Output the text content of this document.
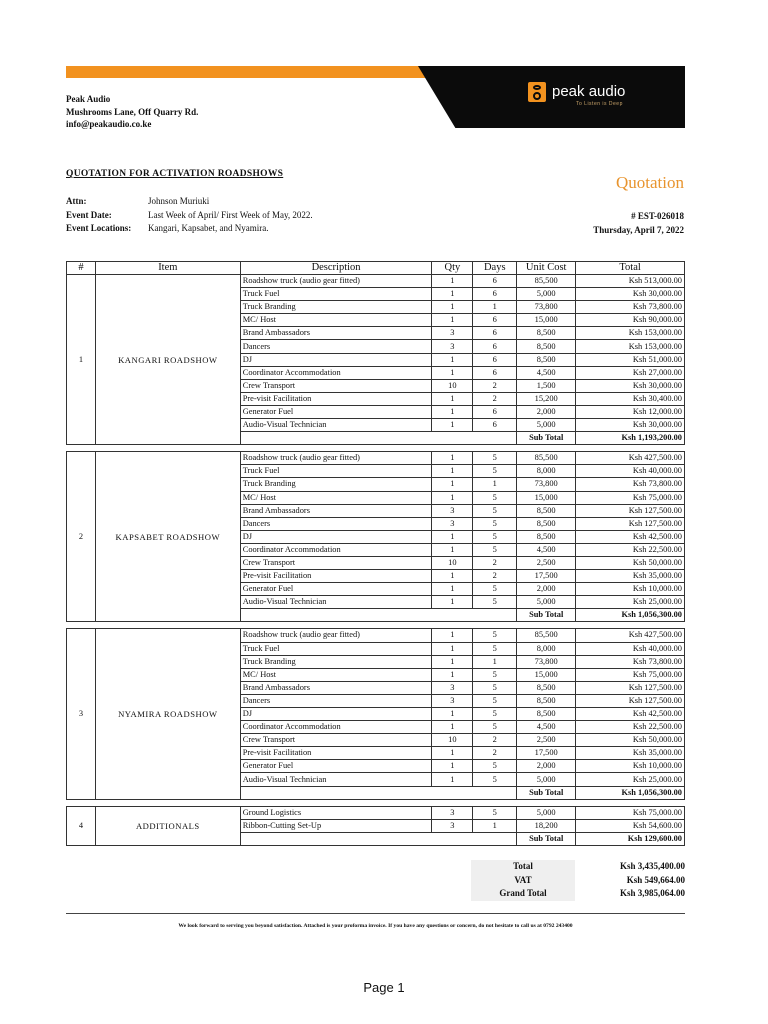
peak audio
To Listen is Deep
Peak Audio
Mushrooms Lane, Off Quarry Rd.
info@peakaudio.co.ke
QUOTATION FOR ACTIVATION ROADSHOWS	Quotation
Attn:	Johnson Muriuki
Event Date:	Last Week of April/ First Week of May, 2022.
Event Locations:	Kangari, Kapsabet, and Nyamira.
# EST-026018
Thursday, April 7, 2022
#	Item	Description	Qty	Days	Unit Cost	Total
1	KANGARI ROADSHOW	Roadshow truck (audio gear fitted)	1	6	85,500	Ksh 513,000.00
		Truck Fuel	1	6	5,000	Ksh 30,000.00
		Truck Branding	1	1	73,800	Ksh 73,800.00
		MC/ Host	1	6	15,000	Ksh 90,000.00
		Brand Ambassadors	3	6	8,500	Ksh 153,000.00
		Dancers	3	6	8,500	Ksh 153,000.00
		DJ	1	6	8,500	Ksh 51,000.00
		Coordinator Accommodation	1	6	4,500	Ksh 27,000.00
		Crew Transport	10	2	1,500	Ksh 30,000.00
		Pre-visit Facilitation	1	2	15,200	Ksh 30,400.00
		Generator Fuel	1	6	2,000	Ksh 12,000.00
		Audio-Visual Technician	1	6	5,000	Ksh 30,000.00
					Sub Total	Ksh 1,193,200.00

2	KAPSABET ROADSHOW	Roadshow truck (audio gear fitted)	1	5	85,500	Ksh 427,500.00
		Truck Fuel	1	5	8,000	Ksh 40,000.00
		Truck Branding	1	1	73,800	Ksh 73,800.00
		MC/ Host	1	5	15,000	Ksh 75,000.00
		Brand Ambassadors	3	5	8,500	Ksh 127,500.00
		Dancers	3	5	8,500	Ksh 127,500.00
		DJ	1	5	8,500	Ksh 42,500.00
		Coordinator Accommodation	1	5	4,500	Ksh 22,500.00
		Crew Transport	10	2	2,500	Ksh 50,000.00
		Pre-visit Facilitation	1	2	17,500	Ksh 35,000.00
		Generator Fuel	1	5	2,000	Ksh 10,000.00
		Audio-Visual Technician	1	5	5,000	Ksh 25,000.00
					Sub Total	Ksh 1,056,300.00

3	NYAMIRA ROADSHOW	Roadshow truck (audio gear fitted)	1	5	85,500	Ksh 427,500.00
		Truck Fuel	1	5	8,000	Ksh 40,000.00
		Truck Branding	1	1	73,800	Ksh 73,800.00
		MC/ Host	1	5	15,000	Ksh 75,000.00
		Brand Ambassadors	3	5	8,500	Ksh 127,500.00
		Dancers	3	5	8,500	Ksh 127,500.00
		DJ	1	5	8,500	Ksh 42,500.00
		Coordinator Accommodation	1	5	4,500	Ksh 22,500.00
		Crew Transport	10	2	2,500	Ksh 50,000.00
		Pre-visit Facilitation	1	2	17,500	Ksh 35,000.00
		Generator Fuel	1	5	2,000	Ksh 10,000.00
		Audio-Visual Technician	1	5	5,000	Ksh 25,000.00
					Sub Total	Ksh 1,056,300.00

4	ADDITIONALS	Ground Logistics	3	5	5,000	Ksh 75,000.00
		Ribbon-Cutting Set-Up	3	1	18,200	Ksh 54,600.00
					Sub Total	Ksh 129,600.00
Total	Ksh 3,435,400.00
VAT	Ksh 549,664.00
Grand Total	Ksh 3,985,064.00
We look forward to serving you beyond satisfaction. Attached is your proforma invoice. If you have any questions or concern, do not hesitate to call us at 0792 243400
Page 1
